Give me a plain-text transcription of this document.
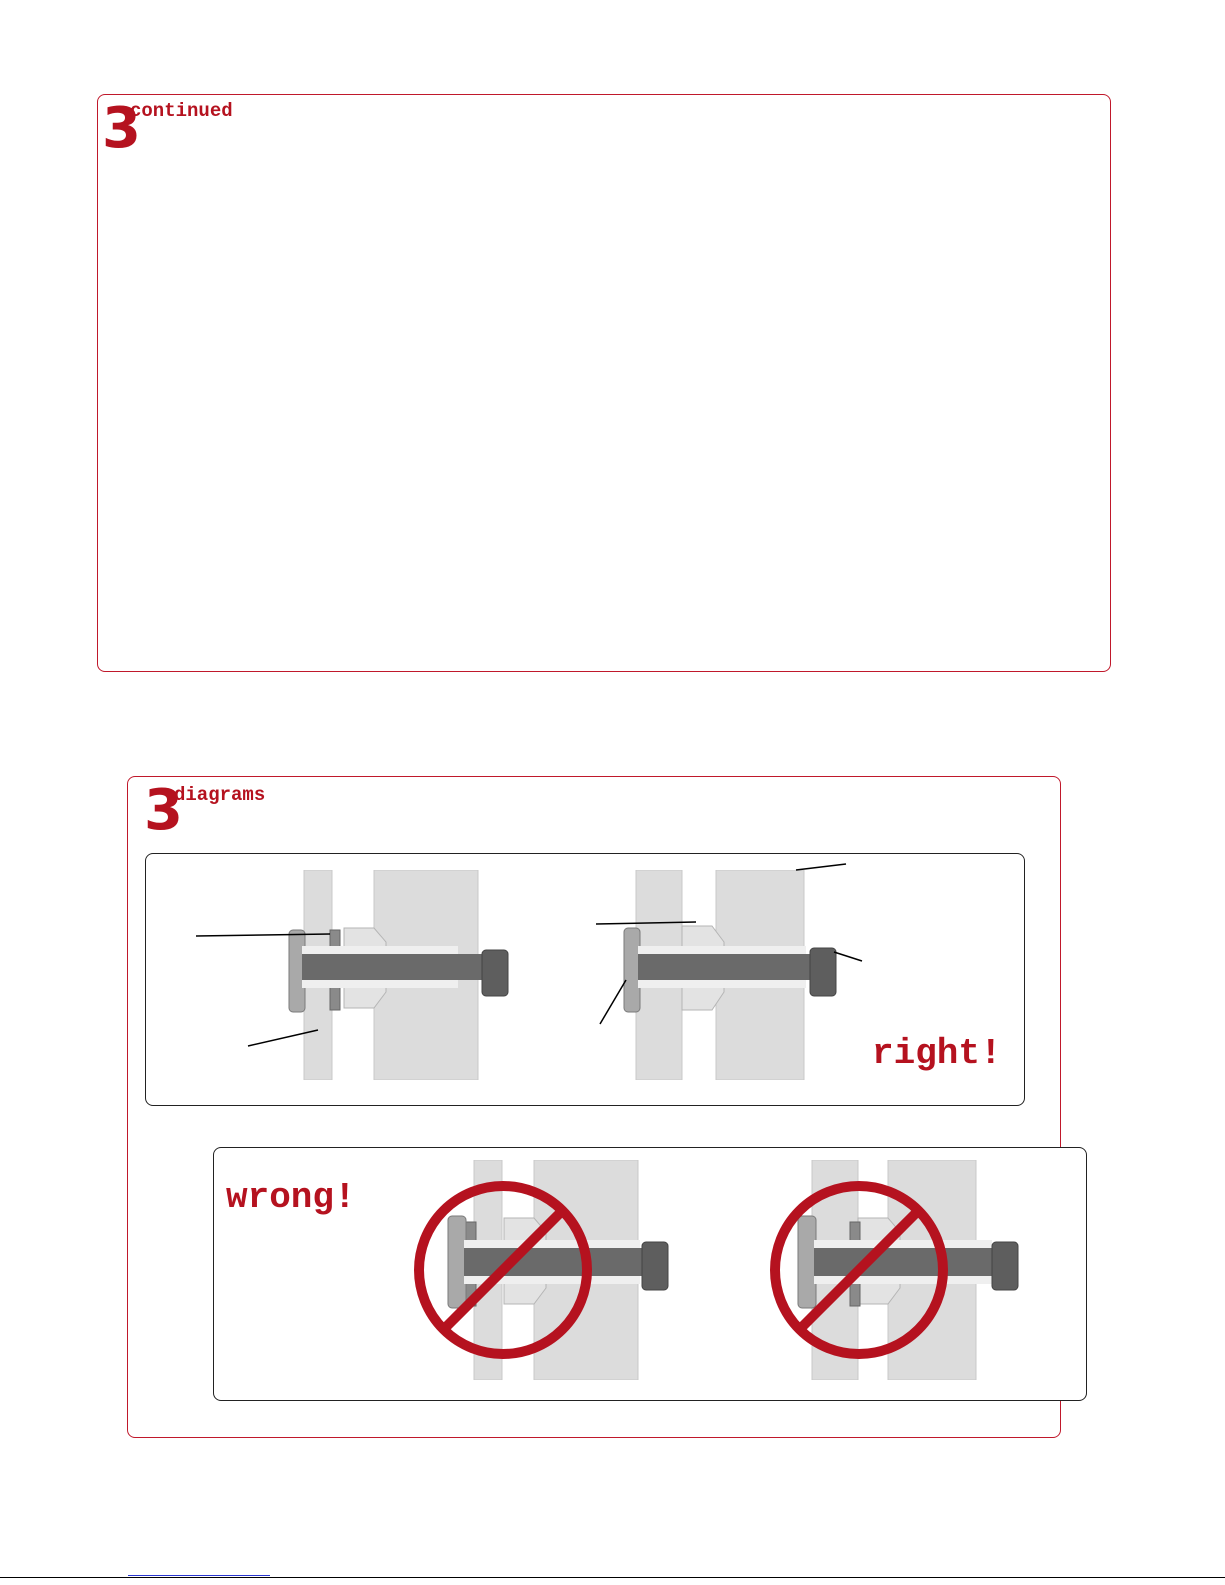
3
continued
3
diagrams
right!
wrong!
